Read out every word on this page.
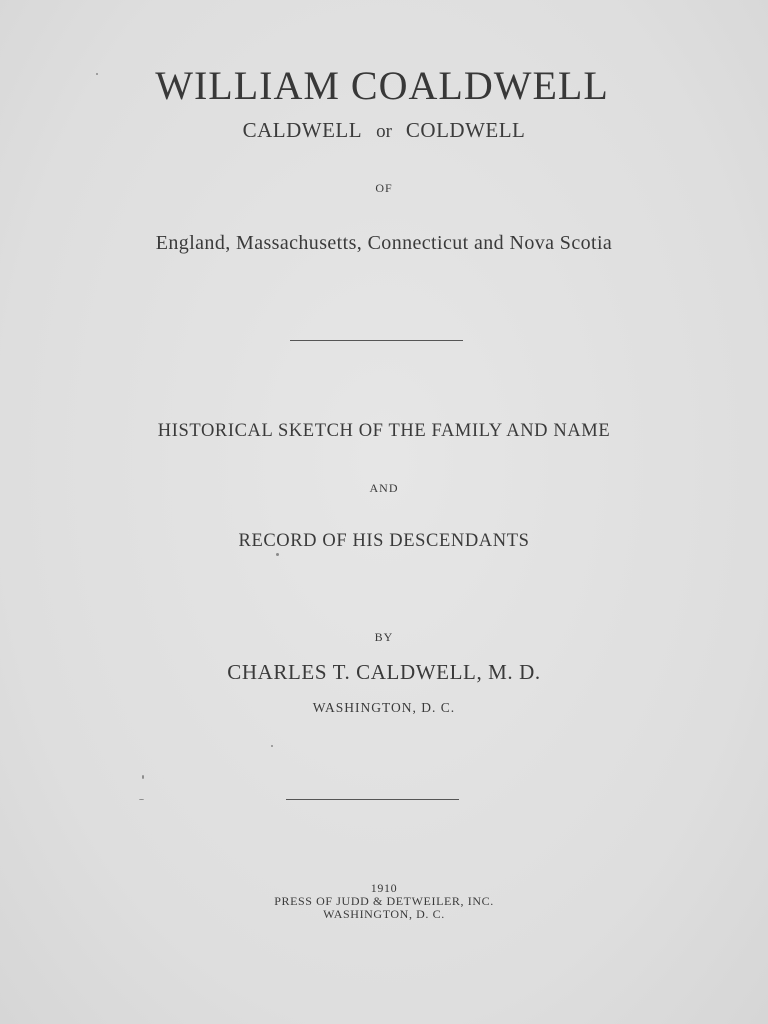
WILLIAM COALDWELL
CALDWELL or COLDWELL
OF
England, Massachusetts, Connecticut and Nova Scotia
HISTORICAL SKETCH OF THE FAMILY AND NAME
AND
RECORD OF HIS DESCENDANTS
BY
CHARLES T. CALDWELL, M. D.
WASHINGTON, D. C.
1910
PRESS OF JUDD & DETWEILER, INC.
WASHINGTON, D. C.
